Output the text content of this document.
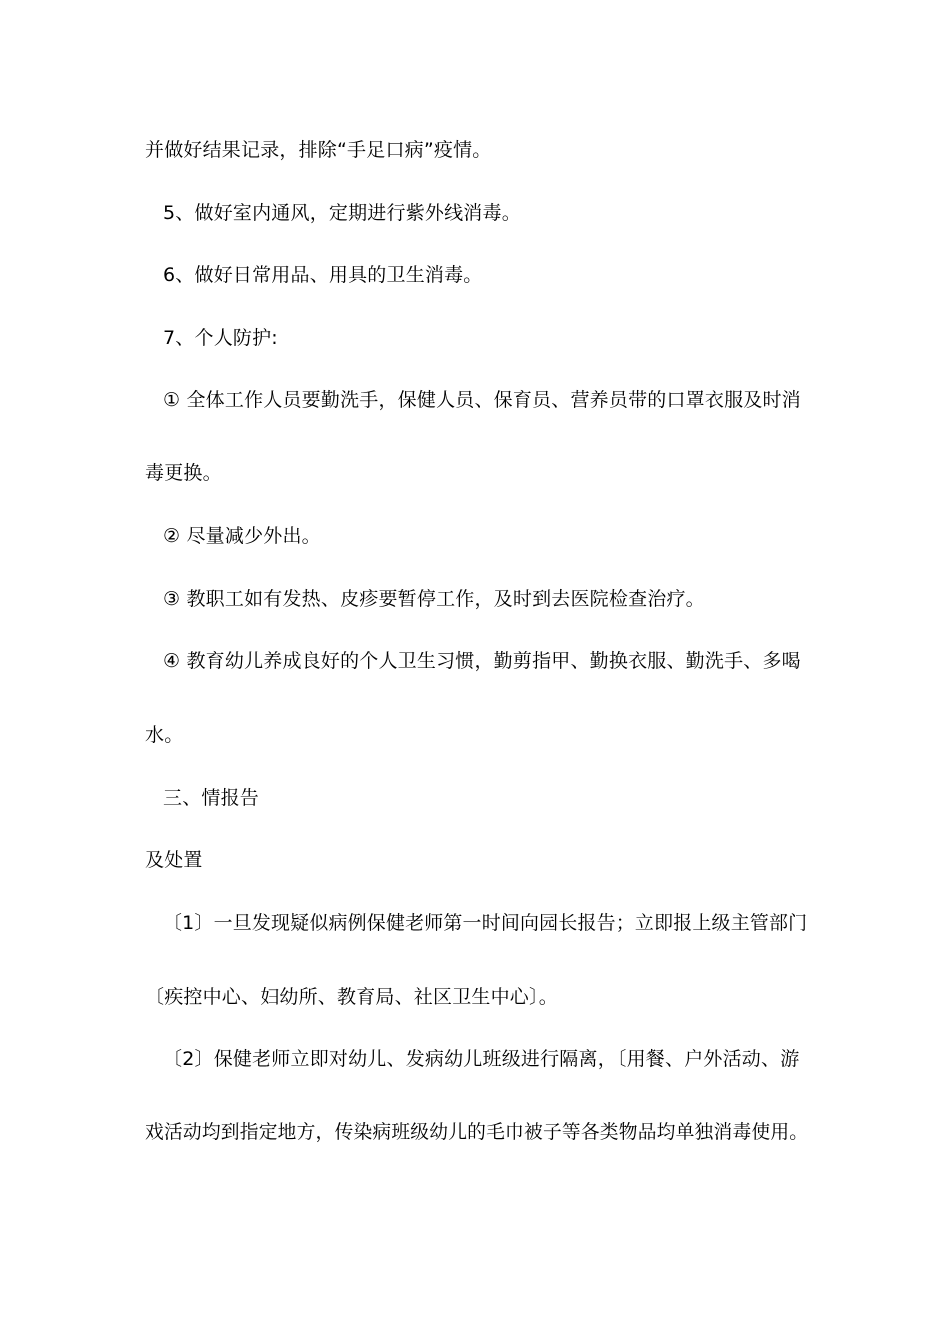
并做好结果记录，排除“手足口病”疫情。
5、做好室内通风，定期进行紫外线消毒。
6、做好日常用品、用具的卫生消毒。
7、个人防护:
① 全体工作人员要勤洗手，保健人员、保育员、营养员带的口罩衣服及时消
毒更换。
② 尽量减少外出。
③ 教职工如有发热、皮疹要暂停工作，及时到去医院检查治疗。
④ 教育幼儿养成良好的个人卫生习惯，勤剪指甲、勤换衣服、勤洗手、多喝
水。
三、情报告
及处置
〔1〕一旦发现疑似病例保健老师第一时间向园长报告；立即报上级主管部门
〔疾控中心、妇幼所、教育局、社区卫生中心〕。
〔2〕保健老师立即对幼儿、发病幼儿班级进行隔离，〔用餐、户外活动、游
戏活动均到指定地方，传染病班级幼儿的毛巾被子等各类物品均单独消毒使用。
